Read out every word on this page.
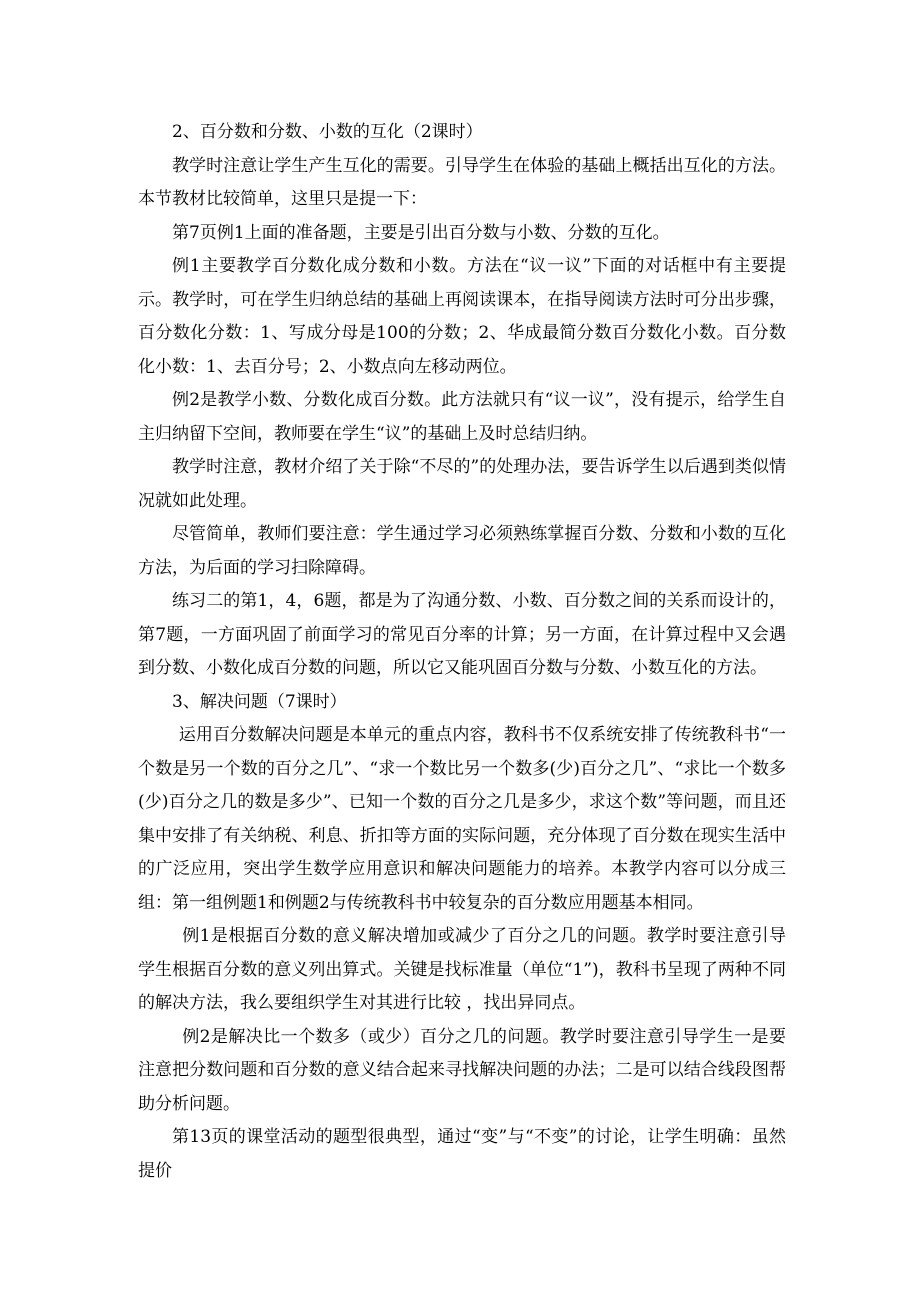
2、百分数和分数、小数的互化（2课时）

教学时注意让学生产生互化的需要。引导学生在体验的基础上概括出互化的方法。本节教材比较简单，这里只是提一下：

第7页例1上面的准备题，主要是引出百分数与小数、分数的互化。

例1主要教学百分数化成分数和小数。方法在“议一议”下面的对话框中有主要提示。教学时，可在学生归纳总结的基础上再阅读课本，在指导阅读方法时可分出步骤，百分数化分数：1、写成分母是100的分数；2、华成最简分数百分数化小数。百分数化小数：1、去百分号；2、小数点向左移动两位。

例2是教学小数、分数化成百分数。此方法就只有“议一议”，没有提示，给学生自主归纳留下空间，教师要在学生“议”的基础上及时总结归纳。

教学时注意，教材介绍了关于除“不尽的”的处理办法，要告诉学生以后遇到类似情况就如此处理。

尽管简单，教师们要注意：学生通过学习必须熟练掌握百分数、分数和小数的互化方法，为后面的学习扫除障碍。

练习二的第1，4，6题，都是为了沟通分数、小数、百分数之间的关系而设计的，第7题，一方面巩固了前面学习的常见百分率的计算；另一方面，在计算过程中又会遇到分数、小数化成百分数的问题，所以它又能巩固百分数与分数、小数互化的方法。

3、解决问题（7课时）

运用百分数解决问题是本单元的重点内容，教科书不仅系统安排了传统教科书“一个数是另一个数的百分之几”、“求一个数比另一个数多(少)百分之几”、“求比一个数多(少)百分之几的数是多少”、已知一个数的百分之几是多少，求这个数”等问题，而且还集中安排了有关纳税、利息、折扣等方面的实际问题，充分体现了百分数在现实生活中的广泛应用，突出学生数学应用意识和解决问题能力的培养。本教学内容可以分成三组：第一组例题1和例题2与传统教科书中较复杂的百分数应用题基本相同。

例1是根据百分数的意义解决增加或减少了百分之几的问题。教学时要注意引导学生根据百分数的意义列出算式。关键是找标准量（单位“1”)，教科书呈现了两种不同的解决方法，我么要组织学生对其进行比较 ，找出异同点。

例2是解决比一个数多（或少）百分之几的问题。教学时要注意引导学生一是要注意把分数问题和百分数的意义结合起来寻找解决问题的办法；二是可以结合线段图帮助分析问题。

第13页的课堂活动的题型很典型，通过“变”与“不变”的讨论，让学生明确：虽然提价
